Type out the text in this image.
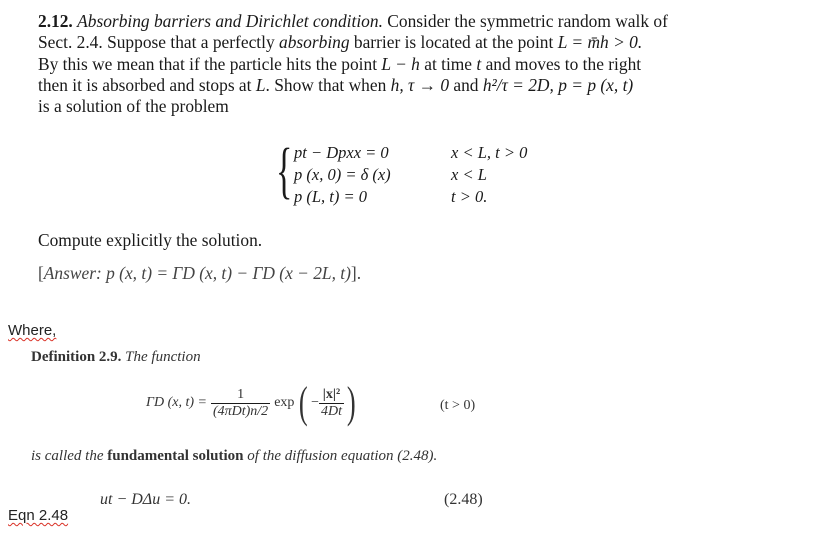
2.12. Absorbing barriers and Dirichlet condition. Consider the symmetric random walk of

Sect. 2.4. Suppose that a perfectly absorbing barrier is located at the point L = m̄h > 0.

By this we mean that if the particle hits the point L − h at time t and moves to the right

then it is absorbed and stops at L. Show that when h, τ → 0 and h²/τ = 2D, p = p (x, t)

is a solution of the problem

{ pt − Dpxx = 0
p (x, 0) = δ (x)
p (L, t) = 0
x < L, t > 0
x < L
t > 0.
Compute explicitly the solution.
[Answer: p (x, t) = ΓD (x, t) − ΓD (x − 2L, t)].
Where,
Definition 2.9. The function
ΓD (x, $t) = \frac{1}{\text{(4πDt)n/2}}$ exp ( − $\frac{\text{|x|²}}{4Dt}$ )	(t > 0)
is called the fundamental solution of the diffusion equation (2.48).
ut − DΔu = 0.	(2.48)
Eqn 2.48
